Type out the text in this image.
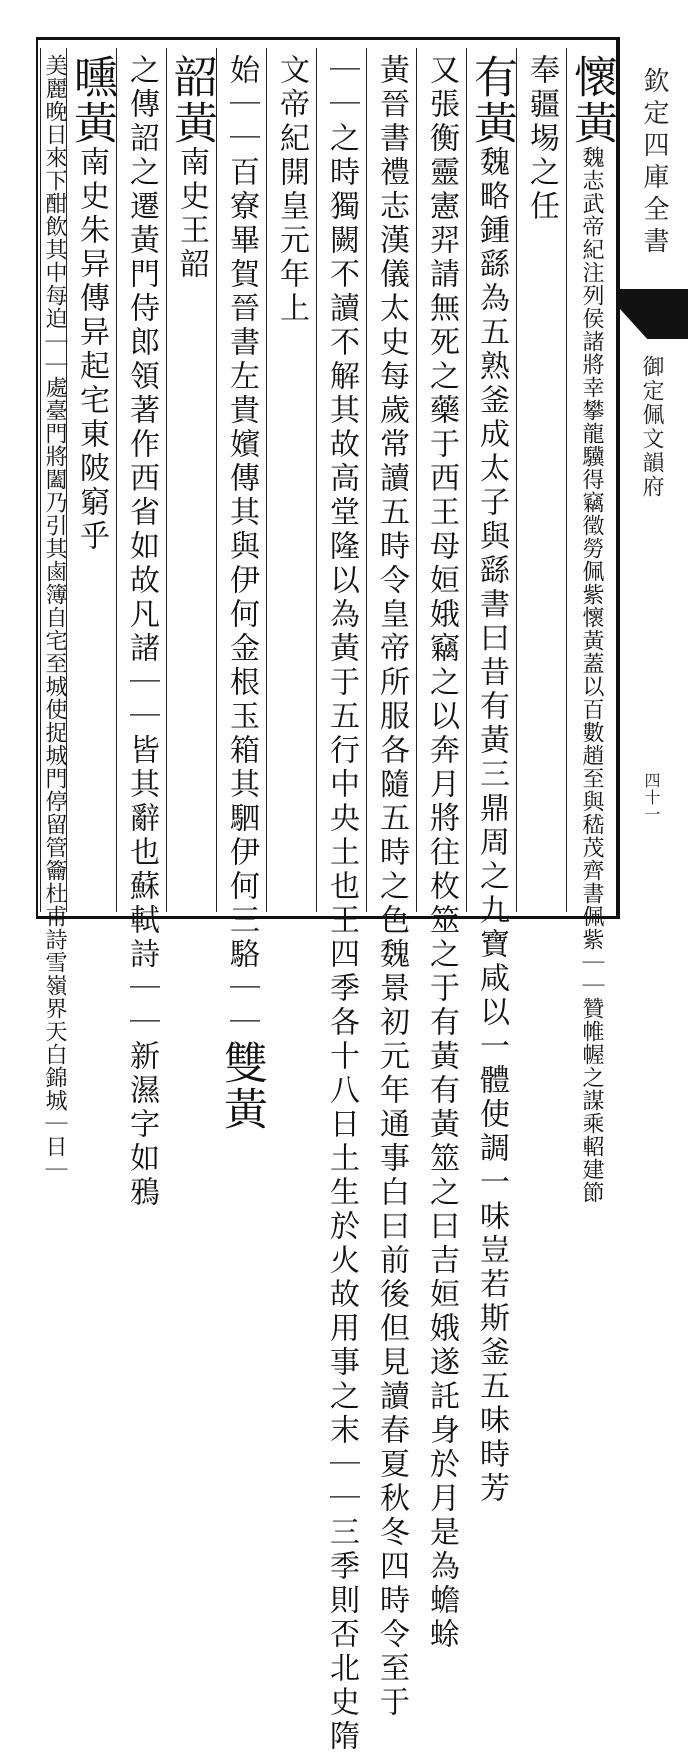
欽定四庫全書
御定佩文韻府
四十一
懷黃魏志武帝紀注列侯諸將幸攀龍驥得竊徵勞佩紫懷黃蓋以百數趙至與嵇茂齊書佩紫｜｜贊帷幄之謀乘軺建節
奉疆埸之任
有黃魏略鍾繇為五熟釜成太子與繇書曰昔有黃三鼎周之九寶咸以一體使調一味豈若斯釜五味時芳
又張衡靈憲羿請無死之藥于西王母姮娥竊之以奔月將往枚筮之于有黃有黃筮之曰吉姮娥遂託身於月是為蟾蜍
黃晉書禮志漢儀太史每歲常讀五時令皇帝所服各隨五時之色魏景初元年通事白曰前後但見讀春夏秋冬四時令至于
｜｜之時獨闕不讀不解其故高堂隆以為黃于五行中央土也王四季各十八日土生於火故用事之末｜｜三季則否北史隋
文帝紀開皇元年上
始｜｜百寮畢賀晉書左貴嬪傳其與伊何金根玉箱其駟伊何三駱｜｜雙黃
韶黃南史王韶
之傳詔之遷黃門侍郎領著作西省如故凡諸｜｜皆其辭也蘇軾詩｜｜新濕字如鴉
曛黃南史朱异傳异起宅東陂窮乎
美麗晚日來下酣飲其中每迫｜｜處臺門將闔乃引其鹵簿自宅至城使捉城門停留管籥杜甫詩雪嶺界天白錦城｜日｜
